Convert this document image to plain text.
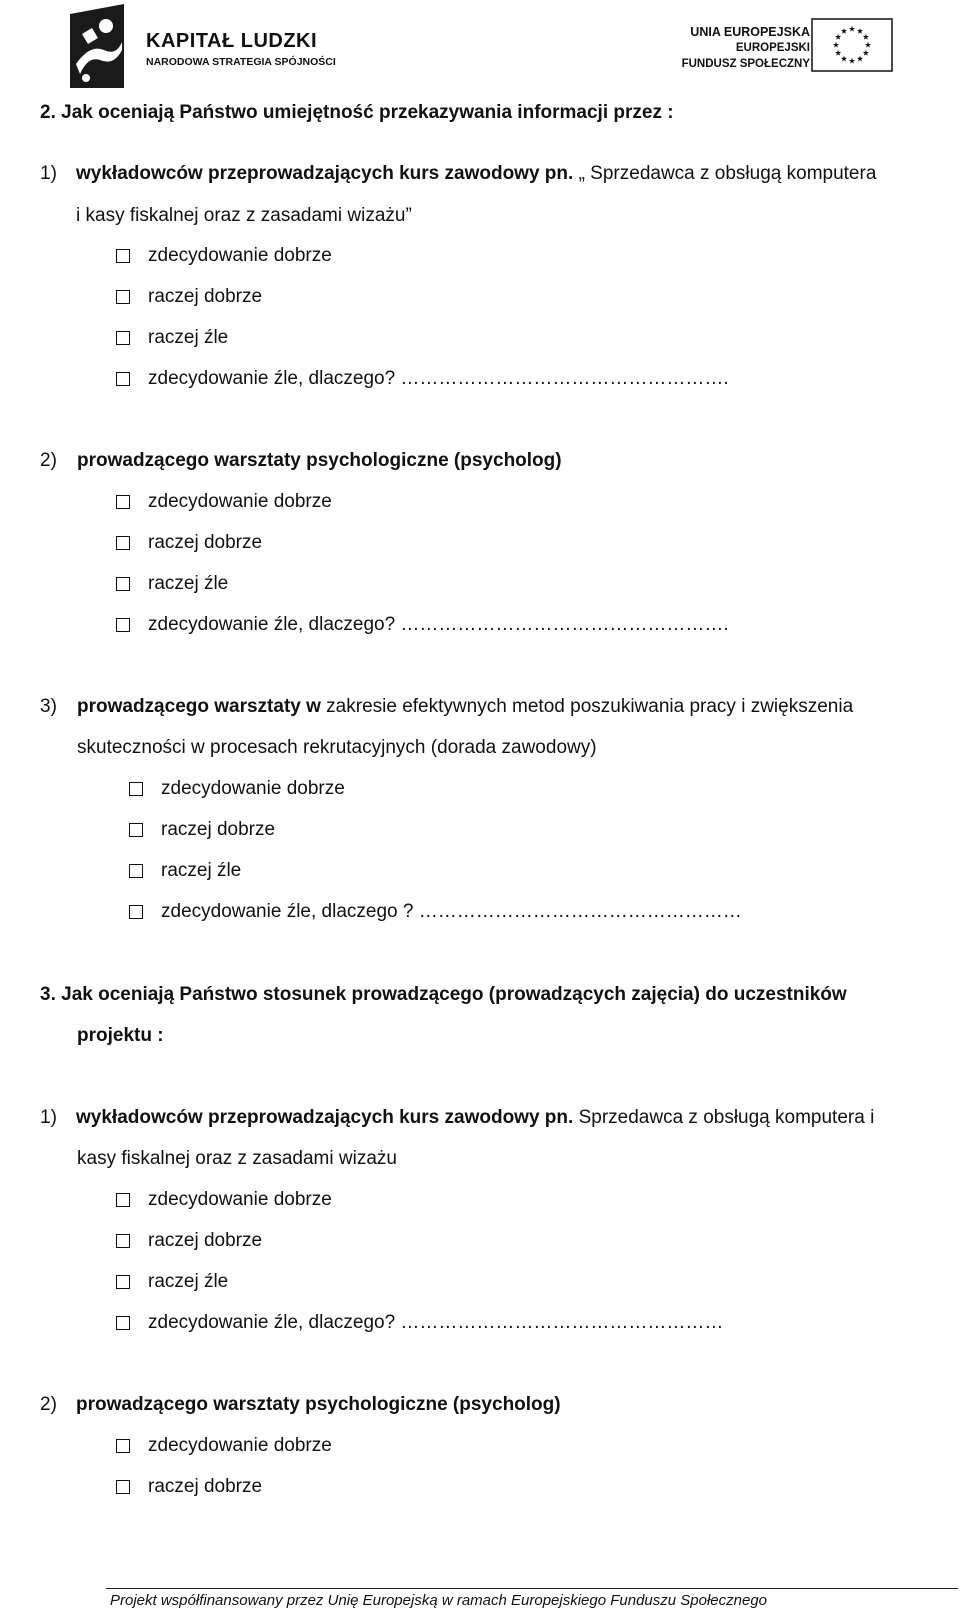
KAPITAŁ LUDZKI
NARODOWA STRATEGIA SPÓJNOŚCI
UNIA EUROPEJSKA
EUROPEJSKI
FUNDUSZ SPOŁECZNY
2. Jak oceniają Państwo umiejętność przekazywania informacji przez :
1) wykładowców przeprowadzających kurs zawodowy pn. „ Sprzedawca z obsługą komputera
i kasy fiskalnej oraz z zasadami wizażu”
zdecydowanie dobrze
raczej dobrze
raczej źle
zdecydowanie źle, dlaczego? …………………………………………….
2) prowadzącego warsztaty psychologiczne (psycholog)
zdecydowanie dobrze
raczej dobrze
raczej źle
zdecydowanie źle, dlaczego? …………………………………………….
3) prowadzącego warsztaty w zakresie efektywnych metod poszukiwania pracy i zwiększenia
skuteczności w procesach rekrutacyjnych (dorada zawodowy)
zdecydowanie dobrze
raczej dobrze
raczej źle
zdecydowanie źle, dlaczego ? ……………………………………………
3. Jak oceniają Państwo stosunek prowadzącego (prowadzących zajęcia) do uczestników
projektu :
1) wykładowców przeprowadzających kurs zawodowy pn. Sprzedawca z obsługą komputera i
kasy fiskalnej oraz z zasadami wizażu
zdecydowanie dobrze
raczej dobrze
raczej źle
zdecydowanie źle, dlaczego? ……………………………………………
2) prowadzącego warsztaty psychologiczne (psycholog)
zdecydowanie dobrze
raczej dobrze
Projekt współfinansowany przez Unię Europejską w ramach Europejskiego Funduszu Społecznego
